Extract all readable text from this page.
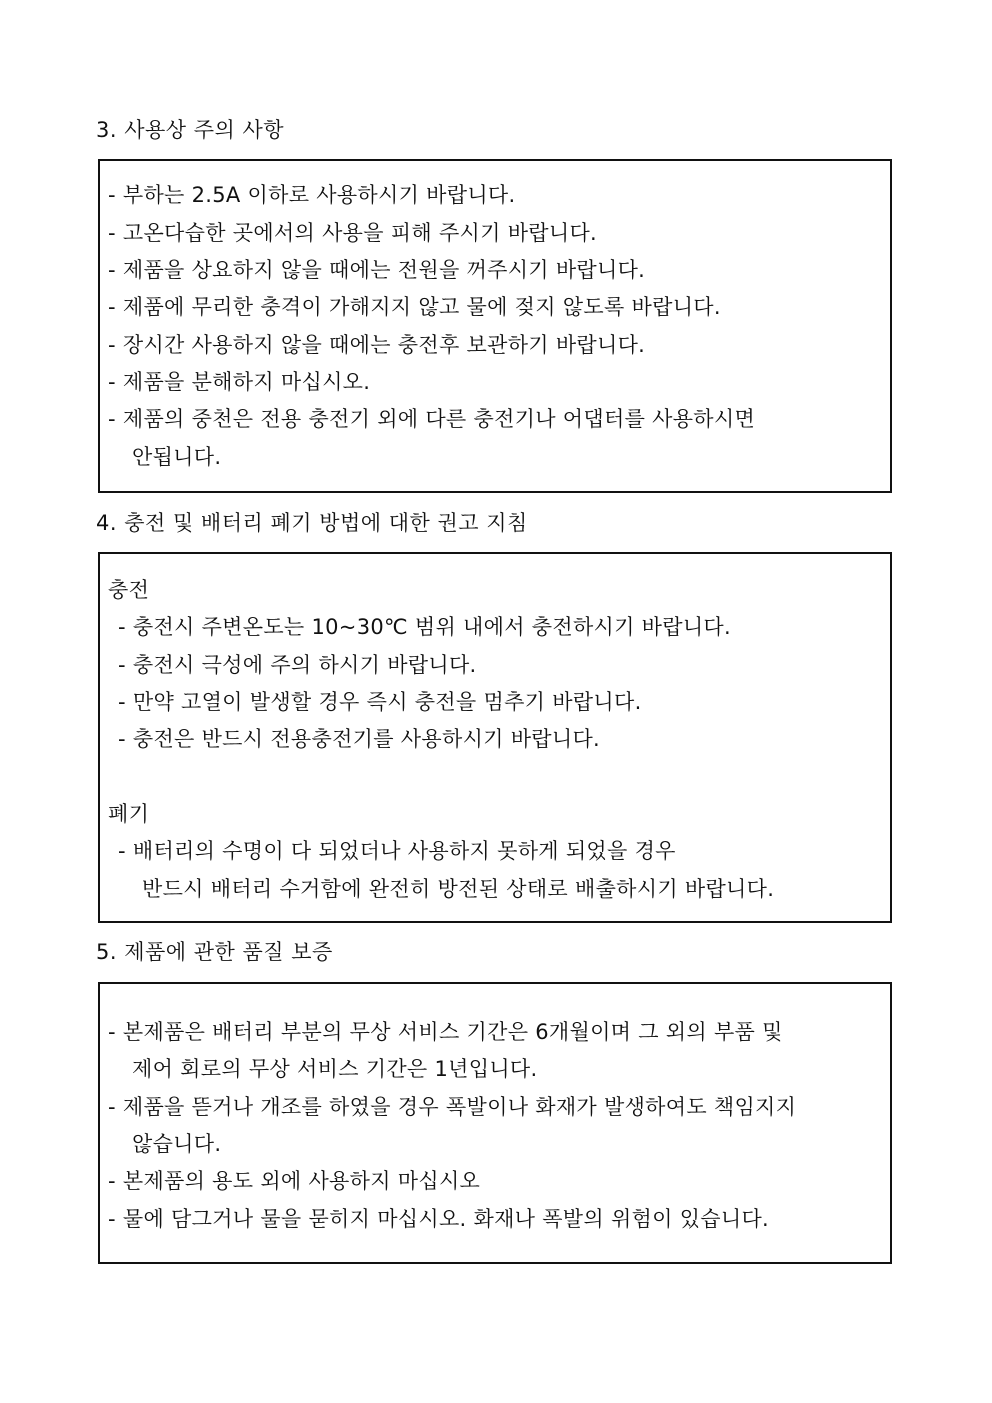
3. 사용상 주의 사항
- 부하는 2.5A 이하로 사용하시기 바랍니다.
- 고온다습한 곳에서의 사용을 피해 주시기 바랍니다.
- 제품을 상요하지 않을 때에는 전원을 꺼주시기 바랍니다.
- 제품에 무리한 충격이 가해지지 않고 물에 젖지 않도록 바랍니다.
- 장시간 사용하지 않을 때에는 충전후 보관하기 바랍니다.
- 제품을 분해하지 마십시오.
- 제품의 중천은 전용 충전기 외에 다른 충전기나 어댑터를 사용하시면
안됩니다.
4. 충전 및 배터리 폐기 방법에 대한 권고 지침
충전
- 충전시 주변온도는 10~30℃ 범위 내에서 충전하시기 바랍니다.
- 충전시 극성에 주의 하시기 바랍니다.
- 만약 고열이 발생할 경우 즉시 충전을 멈추기 바랍니다.
- 충전은 반드시 전용충전기를 사용하시기 바랍니다.
폐기
- 배터리의 수명이 다 되었더나 사용하지 못하게 되었을 경우
반드시 배터리 수거함에 완전히 방전된 상태로 배출하시기 바랍니다.
5. 제품에 관한 품질 보증
- 본제품은 배터리 부분의 무상 서비스 기간은 6개월이며 그 외의 부품 및
제어 회로의 무상 서비스 기간은 1년입니다.
- 제품을 뜯거나 개조를 하였을 경우 폭발이나 화재가 발생하여도 책임지지
않습니다.
- 본제품의 용도 외에 사용하지 마십시오
- 물에 담그거나 물을 묻히지 마십시오. 화재나 폭발의 위험이 있습니다.
